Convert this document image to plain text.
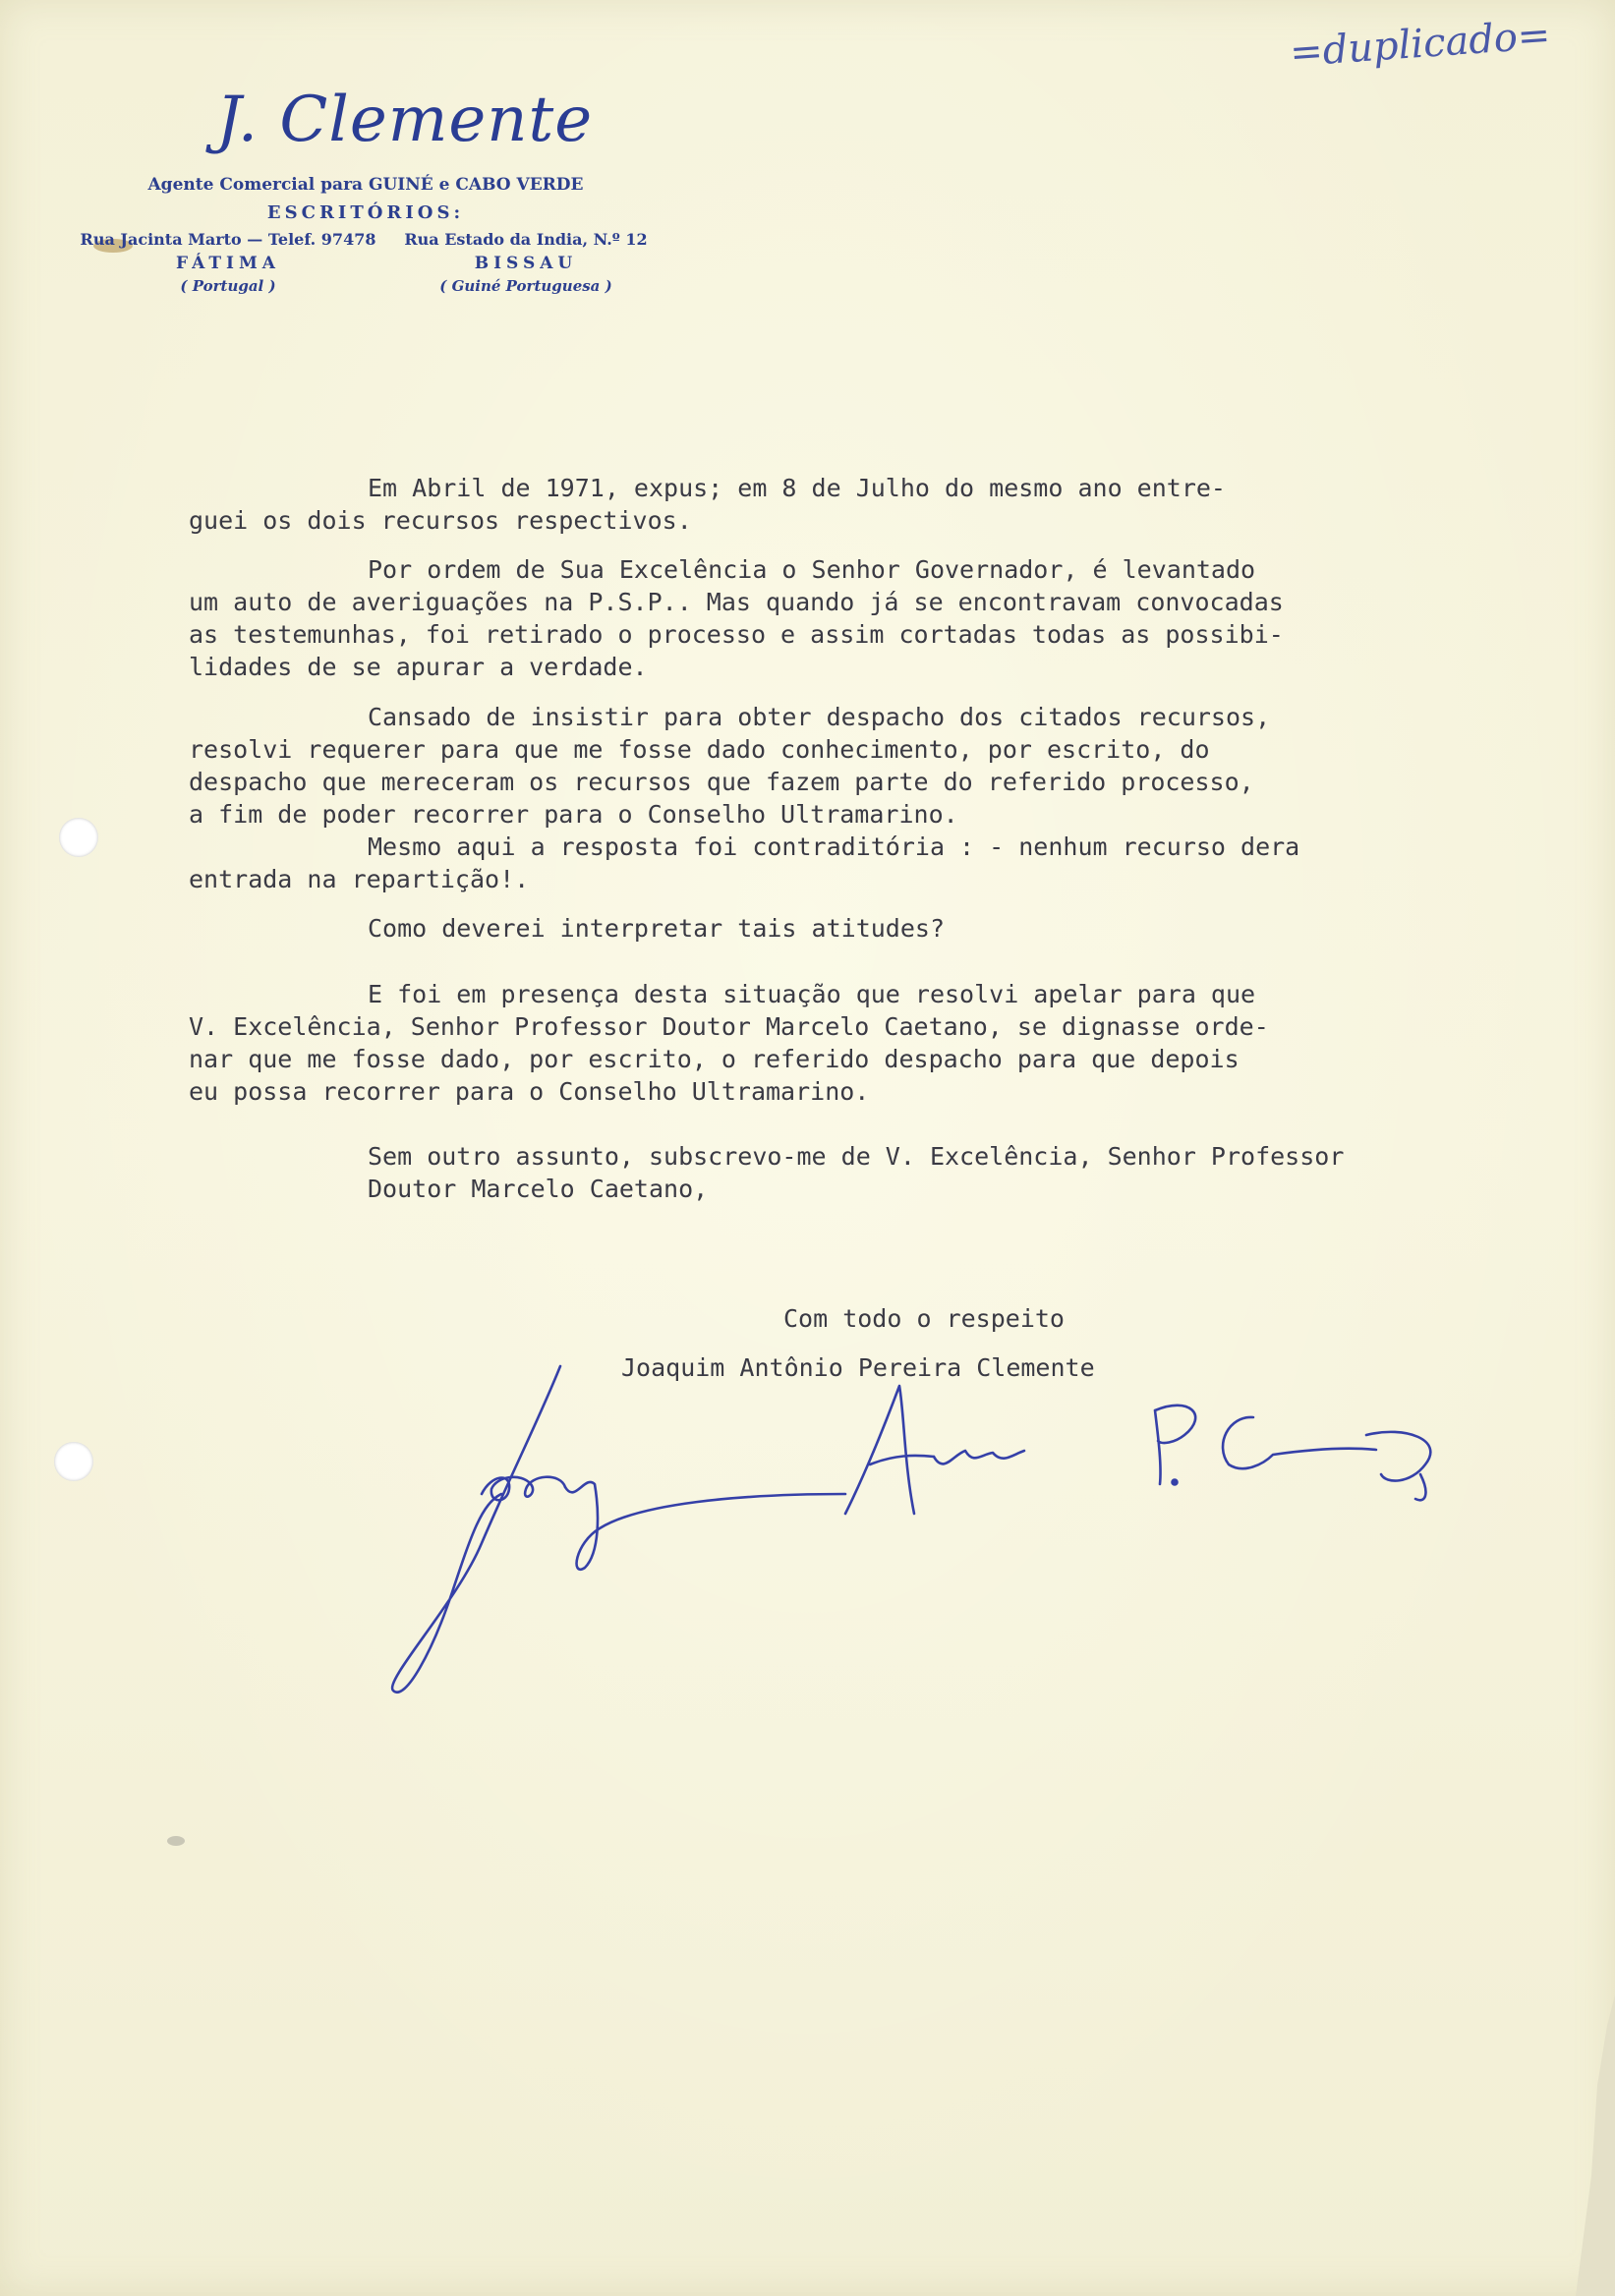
=duplicado=
J. Clemente
Agente Comercial para GUINÉ e CABO VERDE
ESCRITÓRIOS:
Rua Jacinta Marto — Telef. 97478
FÁTIMA
( Portugal )
Rua Estado da India, N.º 12
BISSAU
( Guiné Portuguesa )
Em Abril de 1971, expus; em 8 de Julho do mesmo ano entre-
guei os dois recursos respectivos.
Por ordem de Sua Excelência o Senhor Governador, é levantado
um auto de averiguações na P.S.P.. Mas quando já se encontravam convocadas
as testemunhas, foi retirado o processo e assim cortadas todas as possibi-
lidades de se apurar a verdade.
Cansado de insistir para obter despacho dos citados recursos,
resolvi requerer para que me fosse dado conhecimento, por escrito, do
despacho que mereceram os recursos que fazem parte do referido processo,
a fim de poder recorrer para o Conselho Ultramarino.
Mesmo aqui a resposta foi contraditória : - nenhum recurso dera
entrada na repartição!.
Como deverei interpretar tais atitudes?
E foi em presença desta situação que resolvi apelar para que
V. Excelência, Senhor Professor Doutor Marcelo Caetano, se dignasse orde-
nar que me fosse dado, por escrito, o referido despacho para que depois
eu possa recorrer para o Conselho Ultramarino.
Sem outro assunto, subscrevo-me de V. Excelência, Senhor Professor
Doutor Marcelo Caetano,
Com todo o respeito
Joaquim Antônio Pereira Clemente
